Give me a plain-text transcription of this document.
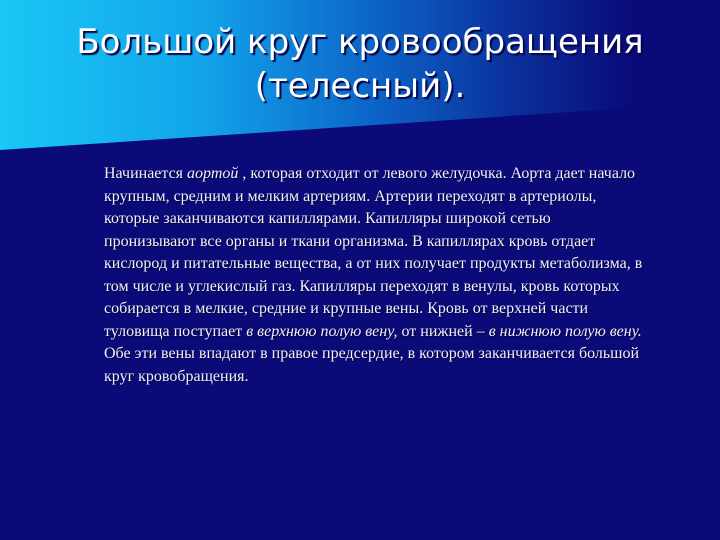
Большой круг кровообращения
(телесный).

Начинается аортой , которая отходит от левого желудочка. Аорта дает начало крупным, средним и мелким артериям. Артерии переходят в артериолы, которые заканчиваются капиллярами. Капилляры широкой сетью пронизывают все органы и ткани организма. В капиллярах кровь отдает кислород и питательные вещества, а от них получает продукты метаболизма, в том числе и углекислый газ. Капилляры переходят в венулы, кровь которых собирается в мелкие, средние и крупные вены. Кровь от верхней части туловища поступает в верхнюю полую вену, от нижней – в нижнюю полую вену. Обе эти вены впадают в правое предсердие, в котором заканчивается большой круг кровобращения.
